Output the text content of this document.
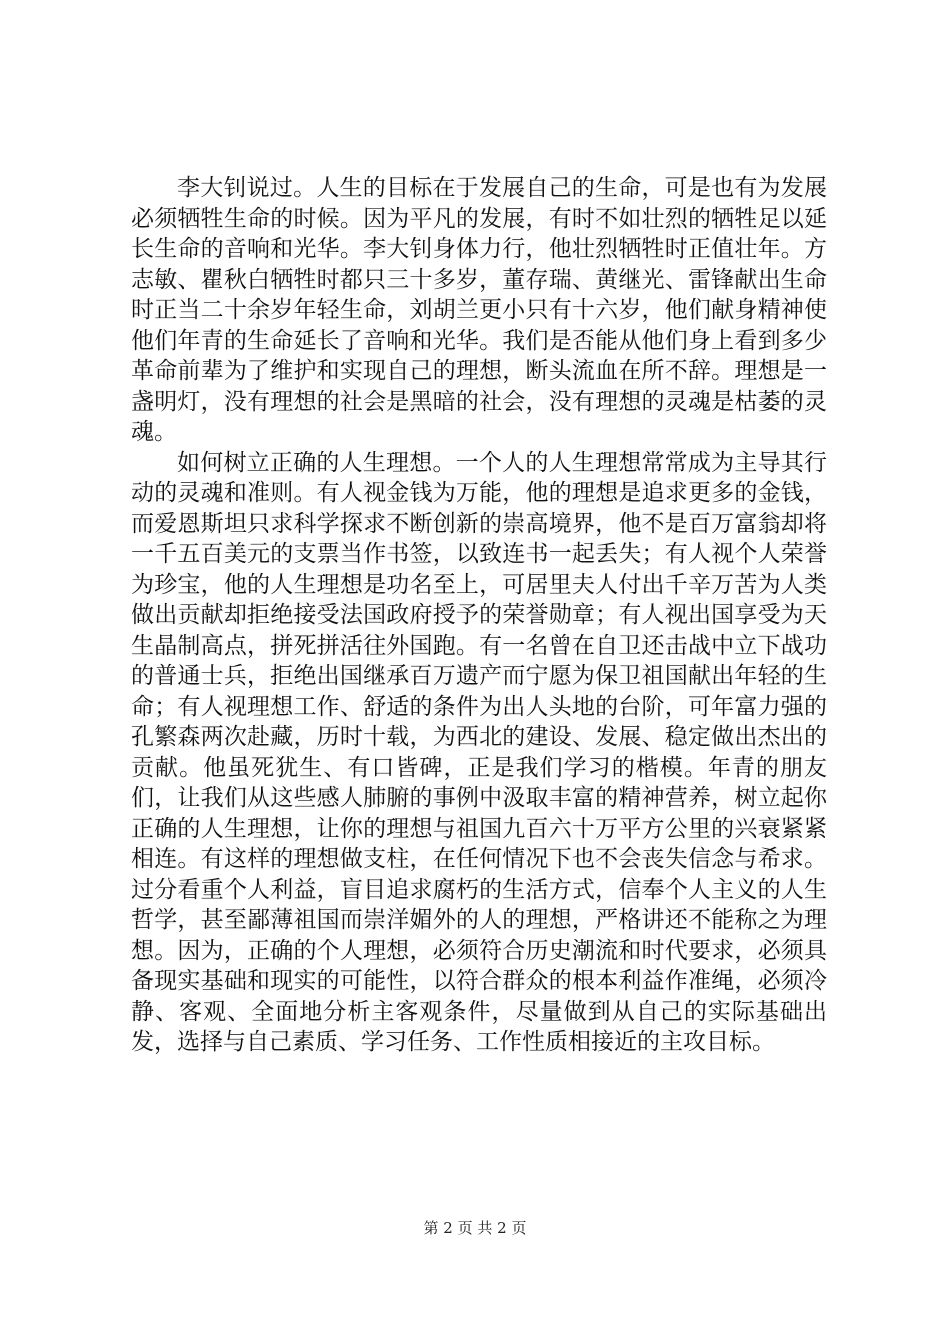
李大钊说过。人生的目标在于发展自己的生命，可是也有为发展必须牺牲生命的时候。因为平凡的发展，有时不如壮烈的牺牲足以延长生命的音响和光华。李大钊身体力行，他壮烈牺牲时正值壮年。方志敏、瞿秋白牺牲时都只三十多岁，董存瑞、黄继光、雷锋献出生命时正当二十余岁年轻生命，刘胡兰更小只有十六岁，他们献身精神使他们年青的生命延长了音响和光华。我们是否能从他们身上看到多少革命前辈为了维护和实现自己的理想，断头流血在所不辞。理想是一盏明灯，没有理想的社会是黑暗的社会，没有理想的灵魂是枯萎的灵魂。

如何树立正确的人生理想。一个人的人生理想常常成为主导其行动的灵魂和准则。有人视金钱为万能，他的理想是追求更多的金钱，而爱恩斯坦只求科学探求不断创新的崇高境界，他不是百万富翁却将一千五百美元的支票当作书签，以致连书一起丢失；有人视个人荣誉为珍宝，他的人生理想是功名至上，可居里夫人付出千辛万苦为人类做出贡献却拒绝接受法国政府授予的荣誉勋章；有人视出国享受为天生晶制高点，拼死拼活往外国跑。有一名曾在自卫还击战中立下战功的普通士兵，拒绝出国继承百万遗产而宁愿为保卫祖国献出年轻的生命；有人视理想工作、舒适的条件为出人头地的台阶，可年富力强的孔繁森两次赴藏，历时十载，为西北的建设、发展、稳定做出杰出的贡献。他虽死犹生、有口皆碑，正是我们学习的楷模。年青的朋友们，让我们从这些感人肺腑的事例中汲取丰富的精神营养，树立起你正确的人生理想，让你的理想与祖国九百六十万平方公里的兴衰紧紧相连。有这样的理想做支柱，在任何情况下也不会丧失信念与希求。过分看重个人利益，盲目追求腐朽的生活方式，信奉个人主义的人生哲学，甚至鄙薄祖国而崇洋媚外的人的理想，严格讲还不能称之为理想。因为，正确的个人理想，必须符合历史潮流和时代要求，必须具备现实基础和现实的可能性，以符合群众的根本利益作准绳，必须冷静、客观、全面地分析主客观条件，尽量做到从自己的实际基础出发，选择与自己素质、学习任务、工作性质相接近的主攻目标。

第 2 页 共 2 页
